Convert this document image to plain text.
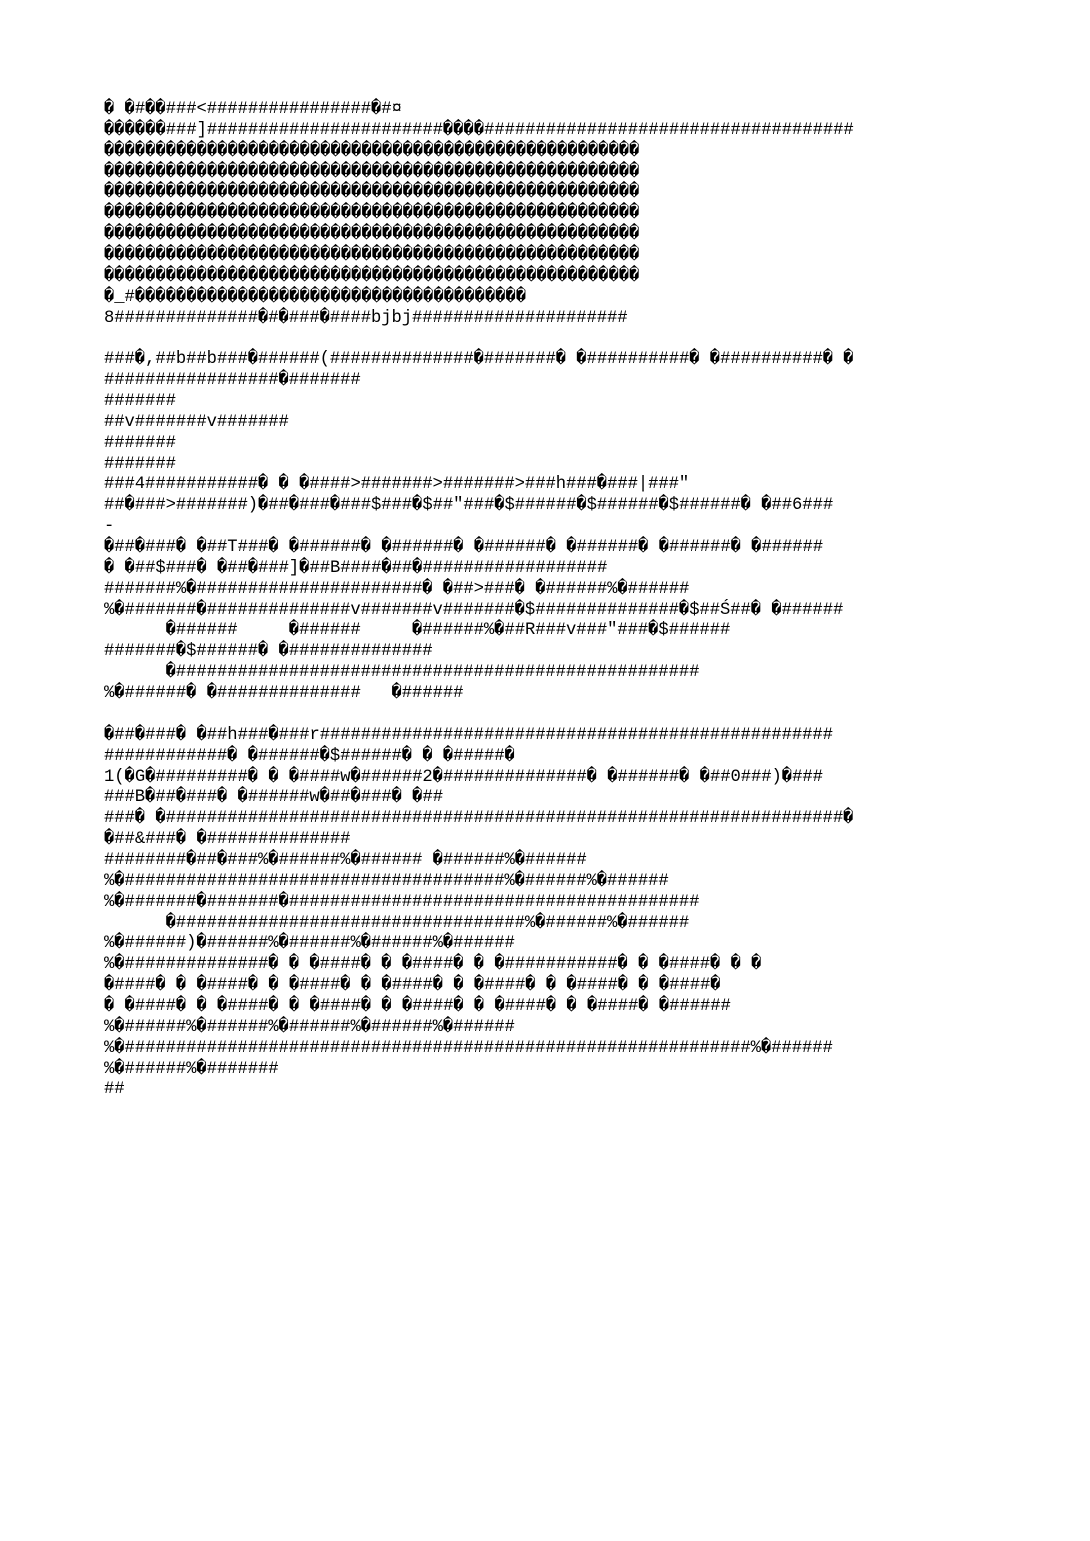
� �#��###<################�#¤
������###]#######################����####################################
����������������������������������������������������
����������������������������������������������������
����������������������������������������������������
����������������������������������������������������
����������������������������������������������������
����������������������������������������������������
����������������������������������������������������
�_#��������������������������������������
8##############�#�###�####bjbj#####################

###�,##b##b###�######(##############�#######� �##########� �##########� �
#################�#######
#######
##v#######v#######
#######
#######
###4###########� � �####>#######>#######>###h###�###|###"
##�###>#######)�##�###�###$###�$##"###�$######�$######�$######� �##6###
-
�##�###� �##T###� �######� �######� �######� �######� �######� �######
� �##$###� �##�###]�##B####�##�##################
#######%�######################� �##>###� �######%�######
%�#######�##############v#######v#######�$##############�$##Ś##� �######
�######     �######     �######%�##R###v###"###�$######
#######�$######� �##############
�###################################################
%�######� �##############   �######

�##�###� �##h###�###r##################################################
############� �######�$######� � �#####�
1(�G�#########� � �####w�######2�##############� �######� �##0###)�###
###B�##�###� �######w�##�###� �##
###� �##################################################################�
�##&###� �##############
########�##�###%�######%�###### �######%�######
%�#####################################%�######%�######
%�#######�#######�########################################
�##################################%�######%�######
%�######)�######%�######%�######%�######
%�##############� � �####� � �####� � �###########� � �####� � �
�####� � �####� � �####� � �####� � �####� � �####� � �####�
� �####� � �####� � �####� � �####� � �####� � �####� �######
%�######%�######%�######%�######%�######
%�#############################################################%�######
%�######%�#######
##
